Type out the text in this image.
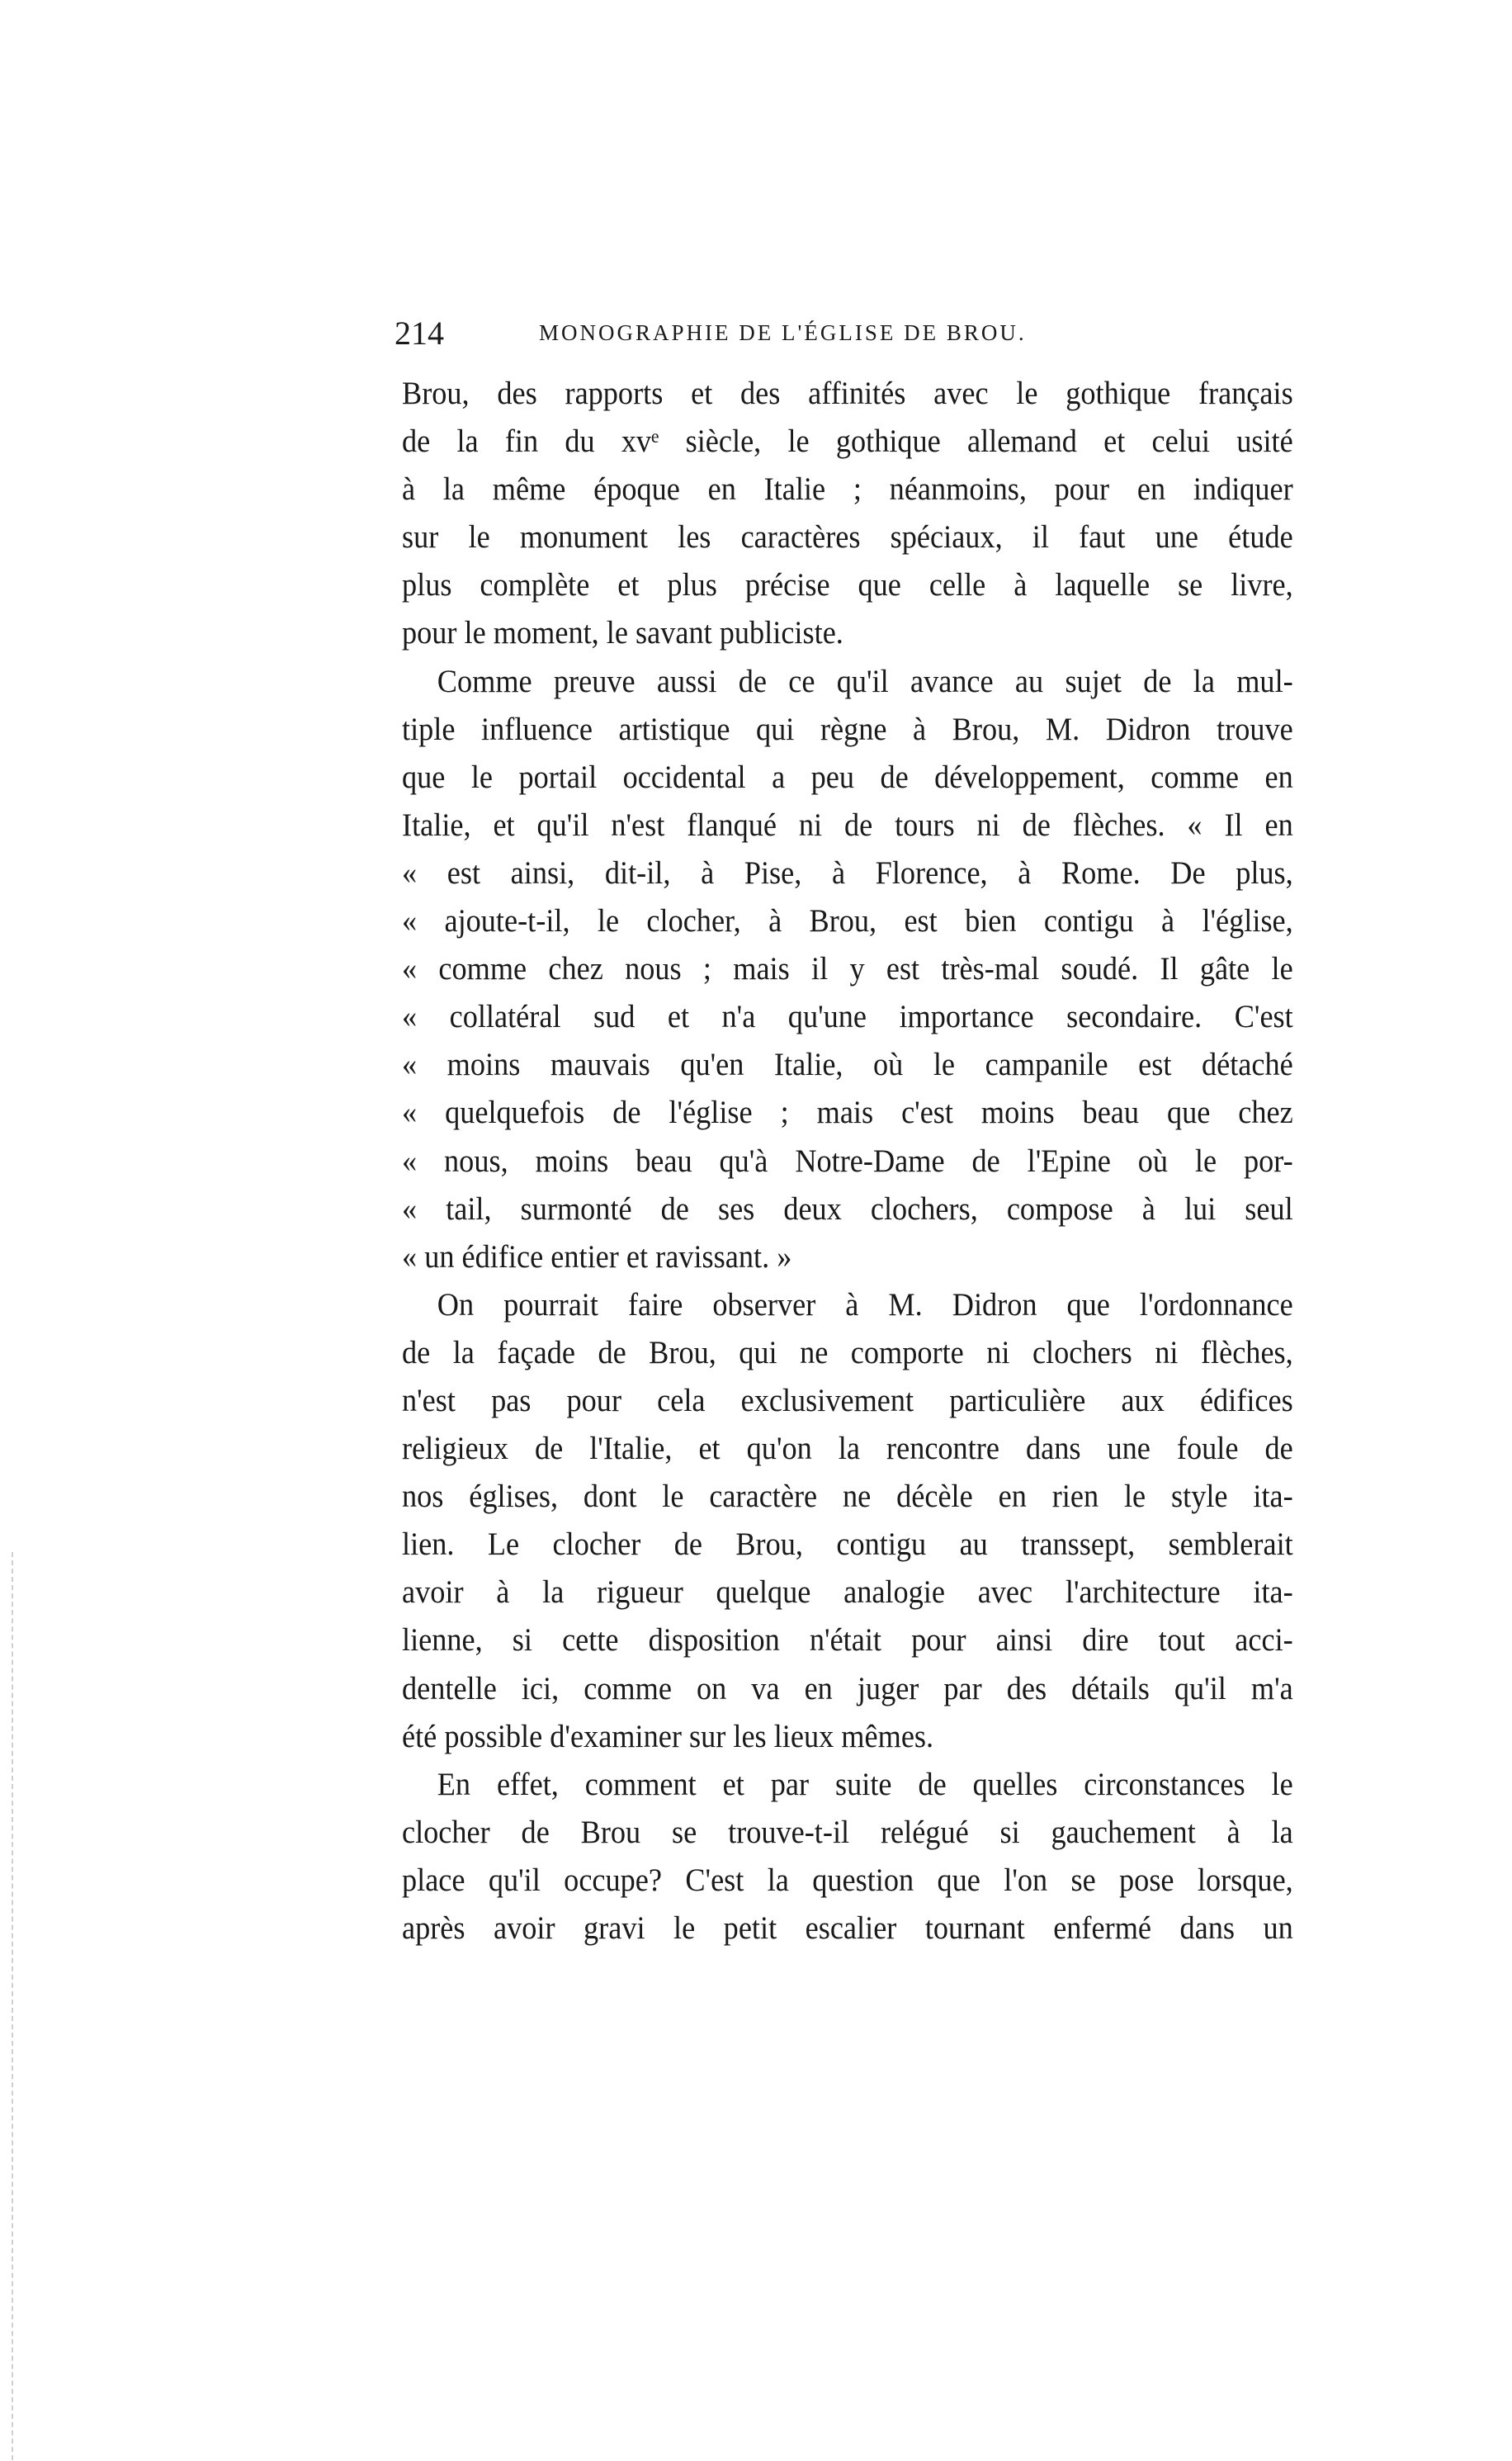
214	MONOGRAPHIE DE L'ÉGLISE DE BROU.
Brou, des rapports et des affinités avec le gothique français
de la fin du xvᵉ siècle, le gothique allemand et celui usité
à la même époque en Italie ; néanmoins, pour en indiquer
sur le monument les caractères spéciaux, il faut une étude
plus complète et plus précise que celle à laquelle se livre,
pour le moment, le savant publiciste.
Comme preuve aussi de ce qu'il avance au sujet de la mul-
tiple influence artistique qui règne à Brou, M. Didron trouve
que le portail occidental a peu de développement, comme en
Italie, et qu'il n'est flanqué ni de tours ni de flèches. « Il en
« est ainsi, dit-il, à Pise, à Florence, à Rome. De plus,
« ajoute-t-il, le clocher, à Brou, est bien contigu à l'église,
« comme chez nous ; mais il y est très-mal soudé. Il gâte le
« collatéral sud et n'a qu'une importance secondaire. C'est
« moins mauvais qu'en Italie, où le campanile est détaché
« quelquefois de l'église ; mais c'est moins beau que chez
« nous, moins beau qu'à Notre-Dame de l'Epine où le por-
« tail, surmonté de ses deux clochers, compose à lui seul
« un édifice entier et ravissant. »
On pourrait faire observer à M. Didron que l'ordonnance
de la façade de Brou, qui ne comporte ni clochers ni flèches,
n'est pas pour cela exclusivement particulière aux édifices
religieux de l'Italie, et qu'on la rencontre dans une foule de
nos églises, dont le caractère ne décèle en rien le style ita-
lien. Le clocher de Brou, contigu au transsept, semblerait
avoir à la rigueur quelque analogie avec l'architecture ita-
lienne, si cette disposition n'était pour ainsi dire tout acci-
dentelle ici, comme on va en juger par des détails qu'il m'a
été possible d'examiner sur les lieux mêmes.
En effet, comment et par suite de quelles circonstances le
clocher de Brou se trouve-t-il relégué si gauchement à la
place qu'il occupe? C'est la question que l'on se pose lorsque,
après avoir gravi le petit escalier tournant enfermé dans un
